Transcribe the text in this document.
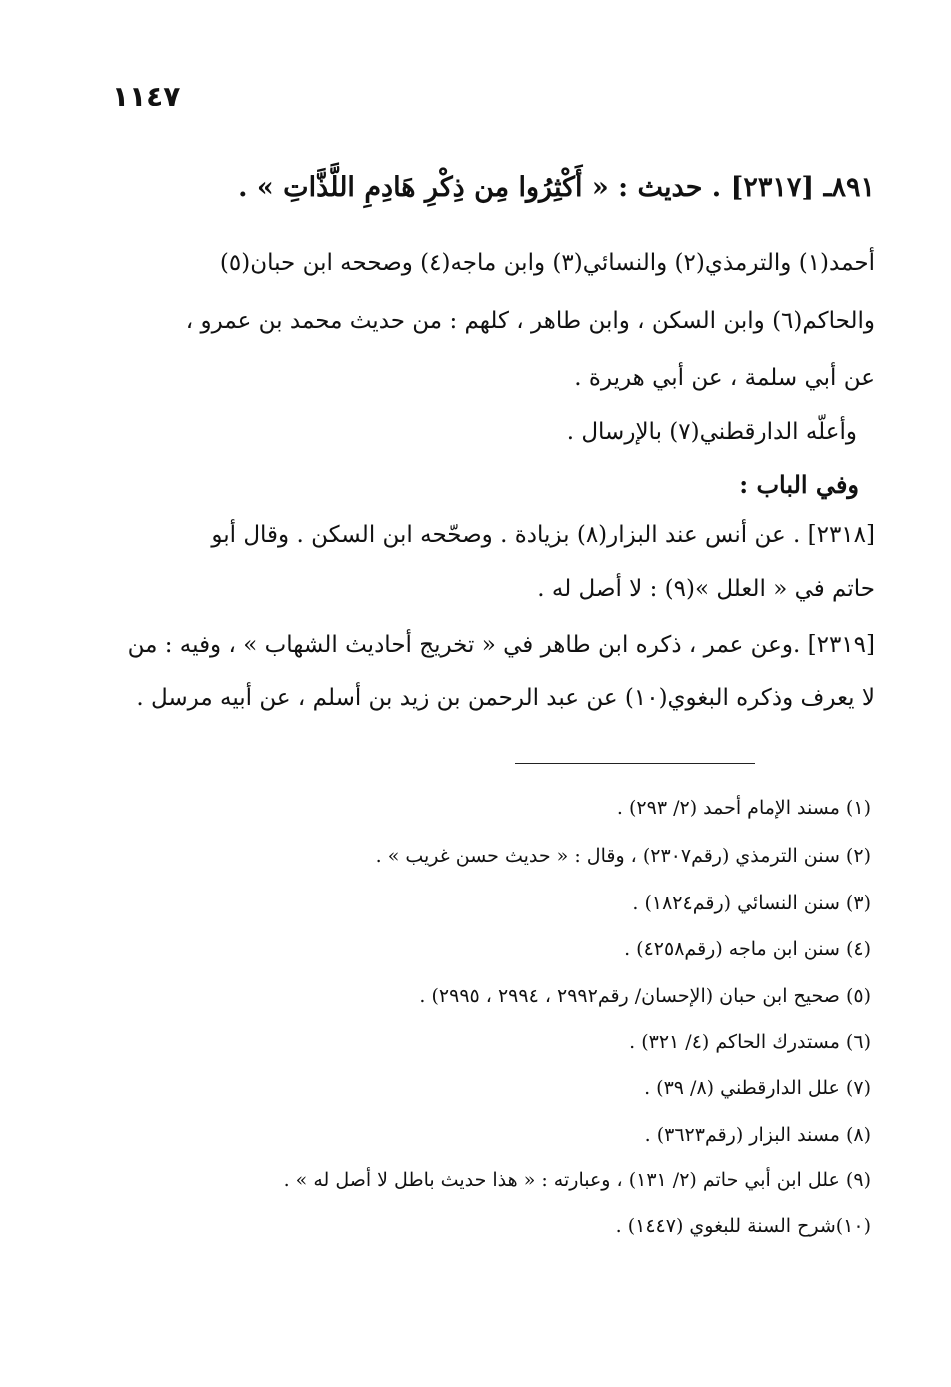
١١٤٧
٨٩١ـ [٢٣١٧] . حديث : « أَكْثِرُوا مِن ذِكْرِ هَادِمِ اللَّذَّاتِ » .
أحمد(١) والترمذي(٢) والنسائي(٣) وابن ماجه(٤) وصححه ابن حبان(٥)
والحاكم(٦) وابن السكن ، وابن طاهر ، كلهم : من حديث محمد بن عمرو ،
عن أبي سلمة ، عن أبي هريرة .
وأعلّه الدارقطني(٧) بالإرسال .
وفي الباب :
[٢٣١٨] . عن أنس عند البزار(٨) بزيادة . وصحّحه ابن السكن . وقال أبو
حاتم في « العلل »(٩) : لا أصل له .
[٢٣١٩] .وعن عمر ، ذكره ابن طاهر في « تخريج أحاديث الشهاب » ، وفيه : من
لا يعرف وذكره البغوي(١٠) عن عبد الرحمن بن زيد بن أسلم ، عن أبيه مرسل .
(١) مسند الإمام أحمد (٢/ ٢٩٣) .
(٢) سنن الترمذي (رقم٢٣٠٧) ، وقال : « حديث حسن غريب » .
(٣) سنن النسائي (رقم١٨٢٤) .
(٤) سنن ابن ماجه (رقم٤٢٥٨) .
(٥) صحيح ابن حبان (الإحسان/ رقم٢٩٩٢ ، ٢٩٩٤ ، ٢٩٩٥) .
(٦) مستدرك الحاكم (٤/ ٣٢١) .
(٧) علل الدارقطني (٨/ ٣٩) .
(٨) مسند البزار (رقم٣٦٢٣) .
(٩) علل ابن أبي حاتم (٢/ ١٣١) ، وعبارته : « هذا حديث باطل لا أصل له » .
(١٠)شرح السنة للبغوي (١٤٤٧) .
